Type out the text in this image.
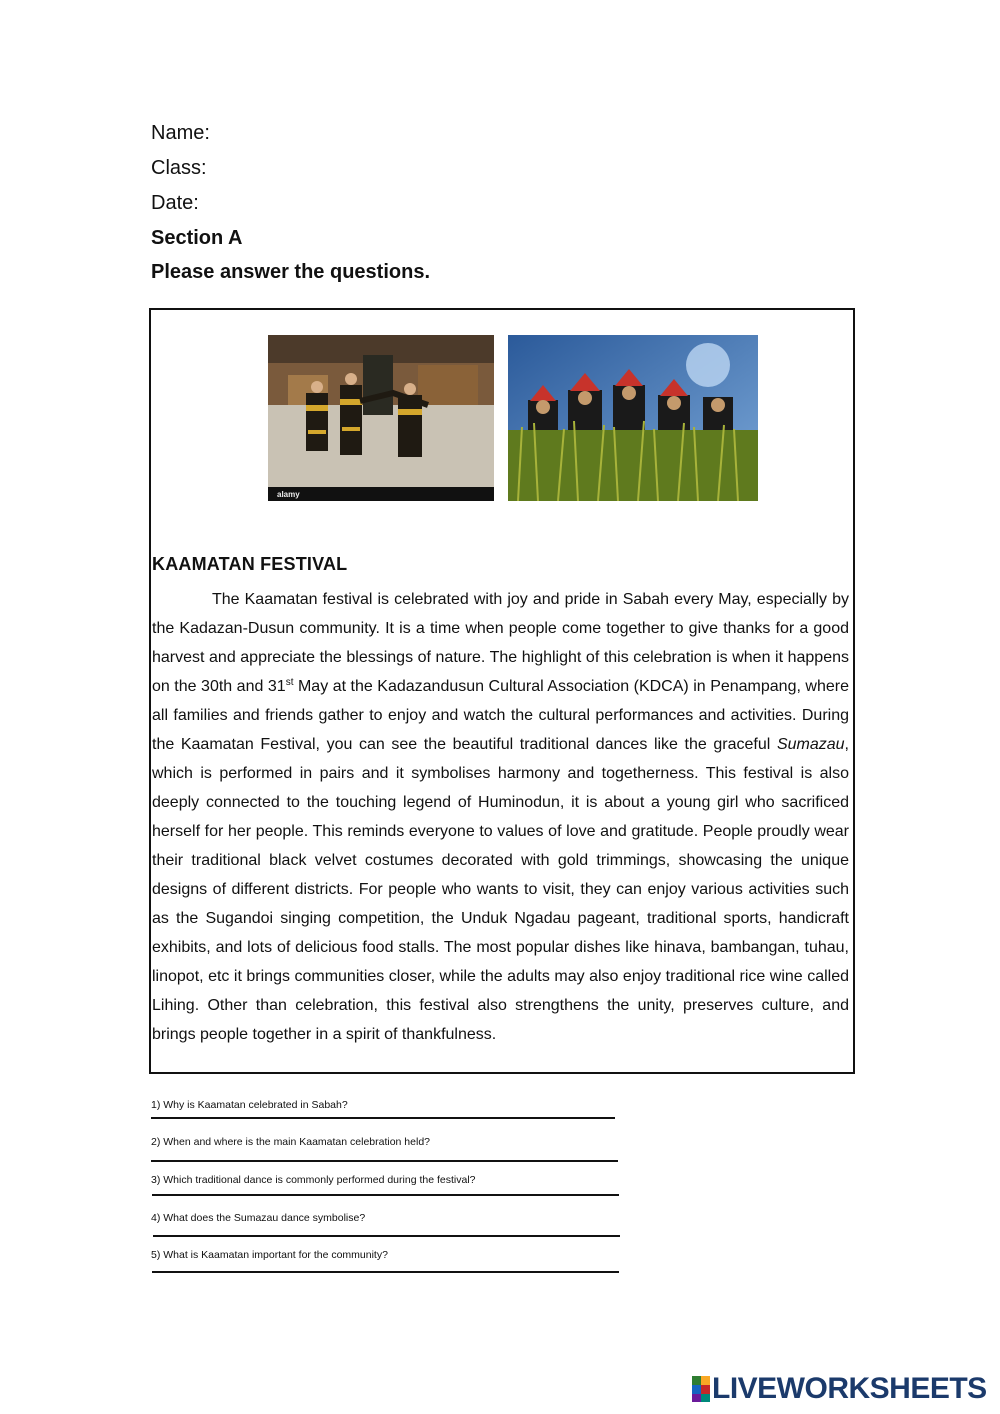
Name:
Class:
Date:
Section A
Please answer the questions.
alamy
KAAMATAN FESTIVAL
The Kaamatan festival is celebrated with joy and pride in Sabah every May, especially by the Kadazan-Dusun community. It is a time when people come together to give thanks for a good harvest and appreciate the blessings of nature. The highlight of this celebration is when it happens on the 30th and 31st May at the Kadazandusun Cultural Association (KDCA) in Penampang, where all families and friends gather to enjoy and watch the cultural performances and activities. During the Kaamatan Festival, you can see the beautiful traditional dances like the graceful Sumazau, which is performed in pairs and it symbolises harmony and togetherness. This festival is also deeply connected to the touching legend of Huminodun, it is about a young girl who sacrificed herself for her people. This reminds everyone to values of love and gratitude. People proudly wear their traditional black velvet costumes decorated with gold trimmings, showcasing the unique designs of different districts. For people who wants to visit, they can enjoy various activities such as the Sugandoi singing competition, the Unduk Ngadau pageant, traditional sports, handicraft exhibits, and lots of delicious food stalls. The most popular dishes like hinava, bambangan, tuhau, linopot, etc it brings communities closer, while the adults may also enjoy traditional rice wine called Lihing. Other than celebration, this festival also strengthens the unity, preserves culture, and brings people together in a spirit of thankfulness.
1) Why is Kaamatan celebrated in Sabah?
2) When and where is the main Kaamatan celebration held?
3) Which traditional dance is commonly performed during the festival?
4) What does the Sumazau dance symbolise?
5) What is Kaamatan important for the community?
LIVEWORKSHEETS
